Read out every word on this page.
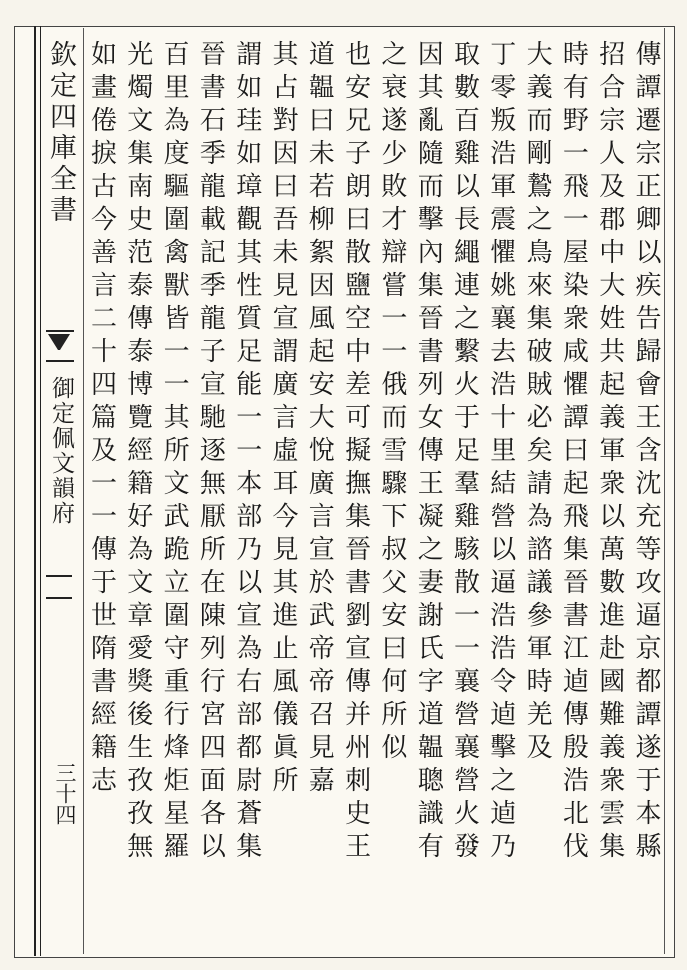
欽定四庫全書
御定佩文韻府
三十四	傳譚遷宗正卿以疾告歸會王含沈充等攻逼京都譚遂于本縣
招合宗人及郡中大姓共起義軍衆以萬數進赴國難義衆雲集
時有野一飛一屋染衆咸懼譚曰起飛集晉書江逌傳殷浩北伐
大義而剛鷙之鳥來集破賊必矣請為諮議參軍時羌及
丁零叛浩軍震懼姚襄去浩十里結營以逼浩浩令逌擊之逌乃
取數百雞以長繩連之繫火于足羣雞駭散一一襄營襄營火發
因其亂隨而擊內集晉書列女傳王凝之妻謝氏字道韞聰識有
之衰遂少敗才辯嘗一一俄而雪驟下叔父安曰何所似
也安兄子朗曰散鹽空中差可擬撫集晉書劉宣傳并州刺史王
道韞曰未若柳絮因風起安大悅廣言宣於武帝帝召見嘉
其占對因曰吾未見宣謂廣言虛耳今見其進止風儀眞所
謂如珪如璋觀其性質足能一一本部乃以宣為右部都尉蒼集
晉書石季龍載記季龍子宣馳逐無厭所在陳列行宮四面各以
百里為度驅圍禽獸皆一一其所文武跪立圍守重行烽炬星羅
光燭文集南史范泰傳泰博覽經籍好為文章愛獎後生孜孜無
如畫倦捩古今善言二十四篇及一一傳于世隋書經籍志
